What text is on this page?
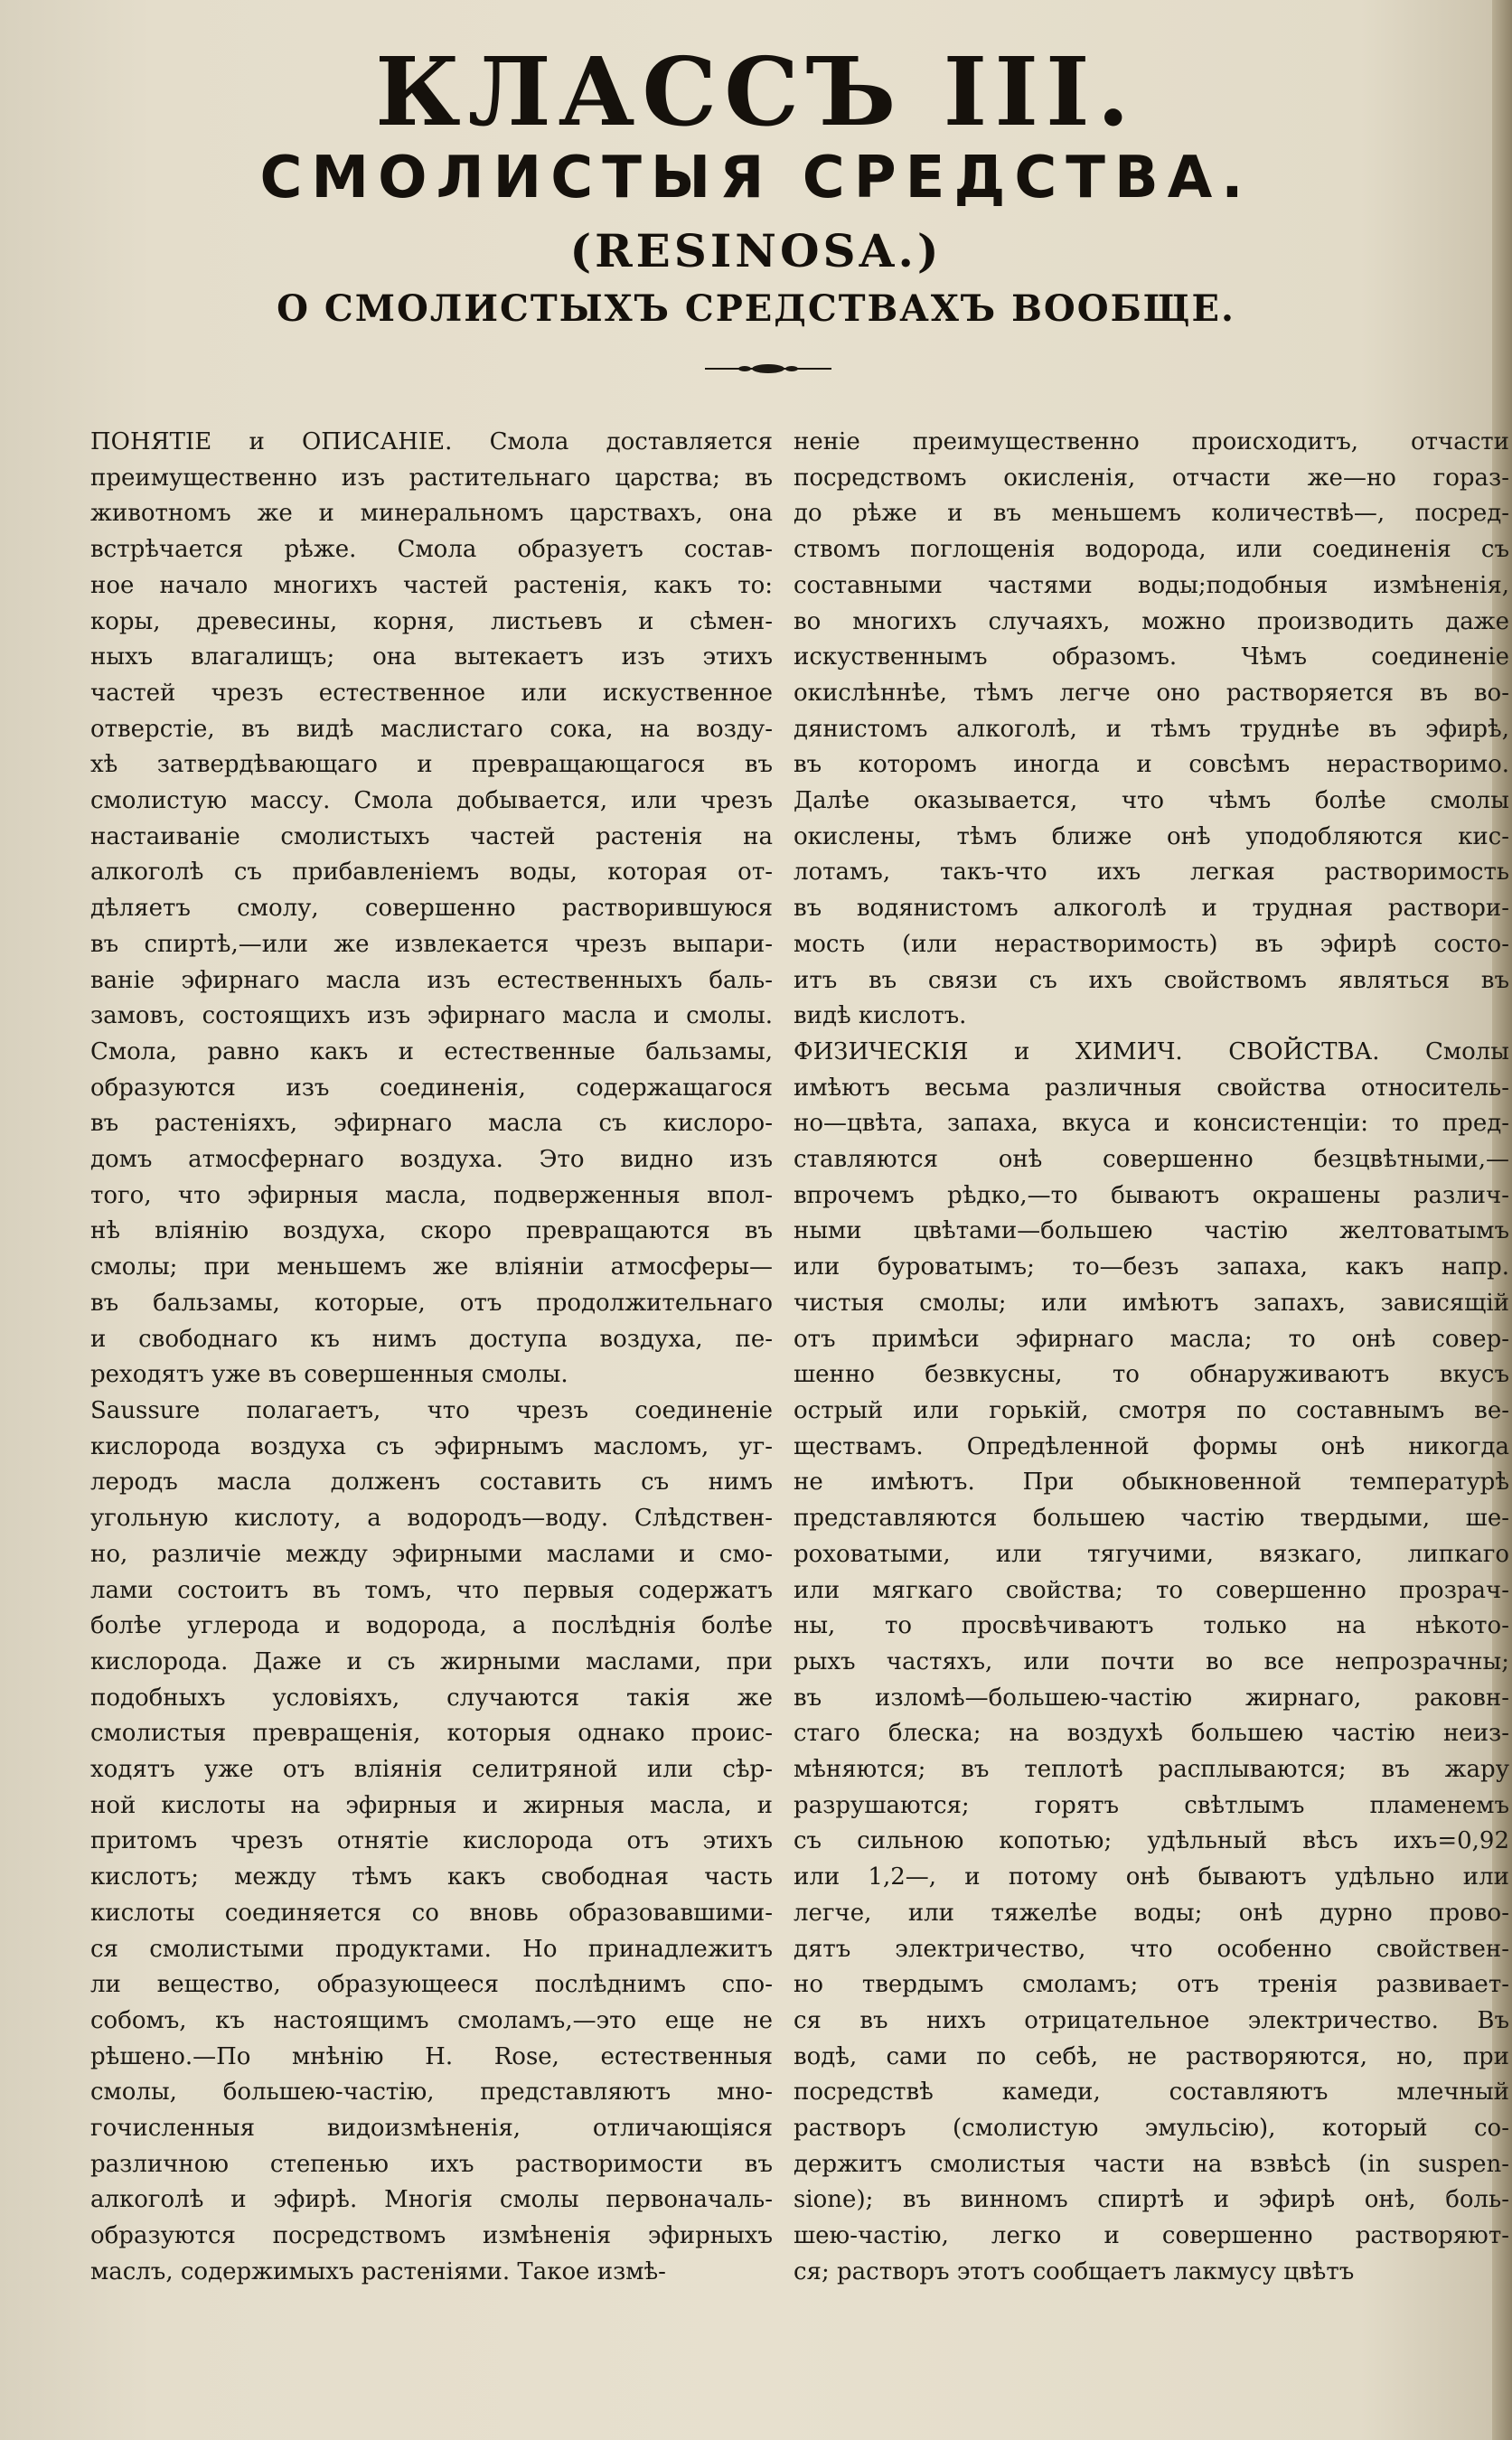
КЛАССЪ III.
СМОЛИСТЫЯ СРЕДСТВА.
(RESINOSA.)
О СМОЛИСТЫХЪ СРЕДСТВАХЪ ВООБЩЕ.
ПОНЯТІЕ и ОПИСАНІЕ. Смола доставляется
преимущественно изъ растительнаго царства; въ
животномъ же и минеральномъ царствахъ, она
встрѣчается рѣже. Смола образуетъ состав-
ное начало многихъ частей растенія, какъ то:
коры, древесины, корня, листьевъ и сѣмен-
ныхъ влагалищъ; она вытекаетъ изъ этихъ
частей чрезъ естественное или искуственное
отверстіе, въ видѣ маслистаго сока, на возду-
хѣ затвердѣвающаго и превращающагося въ
смолистую массу. Смола добывается, или чрезъ
настаиваніе смолистыхъ частей растенія на
алкоголѣ съ прибавленіемъ воды, которая от-
дѣляетъ смолу, совершенно растворившуюся
въ спиртѣ,—или же извлекается чрезъ выпари-
ваніе эфирнаго масла изъ естественныхъ баль-
замовъ, состоящихъ изъ эфирнаго масла и смолы.
Смола, равно какъ и естественные бальзамы,
образуются изъ соединенія, содержащагося
въ растеніяхъ, эфирнаго масла съ кислоро-
домъ атмосфернаго воздуха. Это видно изъ
того, что эфирныя масла, подверженныя впол-
нѣ вліянію воздуха, скоро превращаются въ
смолы; при меньшемъ же вліяніи атмосферы—
въ бальзамы, которые, отъ продолжительнаго
и свободнаго къ нимъ доступа воздуха, пе-
реходятъ уже въ совершенныя смолы.
Saussure полагаетъ, что чрезъ соединеніе
кислорода воздуха съ эфирнымъ масломъ, уг-
леродъ масла долженъ составить съ нимъ
угольную кислоту, а водородъ—воду. Слѣдствен-
но, различіе между эфирными маслами и смо-
лами состоитъ въ томъ, что первыя содержатъ
болѣе углерода и водорода, а послѣднія болѣе
кислорода. Даже и съ жирными маслами, при
подобныхъ условіяхъ, случаются такія же
смолистыя превращенія, которыя однако проис-
ходятъ уже отъ вліянія селитряной или сѣр-
ной кислоты на эфирныя и жирныя масла, и
притомъ чрезъ отнятіе кислорода отъ этихъ
кислотъ; между тѣмъ какъ свободная часть
кислоты соединяется со вновь образовавшими-
ся смолистыми продуктами. Но принадлежитъ
ли вещество, образующееся послѣднимъ спо-
собомъ, къ настоящимъ смоламъ,—это еще не
рѣшено.—По мнѣнію H. Rose, естественныя
смолы, большею-частію, представляютъ мно-
гочисленныя видоизмѣненія, отличающіяся
различною степенью ихъ растворимости въ
алкоголѣ и эфирѣ. Многія смолы первоначаль-
образуются посредствомъ измѣненія эфирныхъ
маслъ, содержимыхъ растеніями. Такое измѣ-
неніе преимущественно происходитъ, отчасти
посредствомъ окисленія, отчасти же—но гораз-
до рѣже и въ меньшемъ количествѣ—, посред-
ствомъ поглощенія водорода, или соединенія съ
составными частями воды;подобныя измѣненія,
во многихъ случаяхъ, можно производить даже
искуственнымъ образомъ. Чѣмъ соединеніе
окислѣннѣе, тѣмъ легче оно растворяется въ во-
дянистомъ алкоголѣ, и тѣмъ труднѣе въ эфирѣ,
въ которомъ иногда и совсѣмъ нерастворимо.
Далѣе оказывается, что чѣмъ болѣе смолы
окислены, тѣмъ ближе онѣ уподобляются кис-
лотамъ, такъ-что ихъ легкая растворимость
въ водянистомъ алкоголѣ и трудная раствори-
мость (или нерастворимость) въ эфирѣ состо-
итъ въ связи съ ихъ свойствомъ являться въ
видѣ кислотъ.
ФИЗИЧЕСКІЯ и ХИМИЧ. СВОЙСТВА. Смолы
имѣютъ весьма различныя свойства относитель-
но—цвѣта, запаха, вкуса и консистенціи: то пред-
ставляются онѣ совершенно безцвѣтными,—
впрочемъ рѣдко,—то бываютъ окрашены различ-
ными цвѣтами—большею частію желтоватымъ
или буроватымъ; то—безъ запаха, какъ напр.
чистыя смолы; или имѣютъ запахъ, зависящій
отъ примѣси эфирнаго масла; то онѣ совер-
шенно безвкусны, то обнаруживаютъ вкусъ
острый или горькій, смотря по составнымъ ве-
ществамъ. Опредѣленной формы онѣ никогда
не имѣютъ. При обыкновенной температурѣ
представляются большею частію твердыми, ше-
роховатыми, или тягучими, вязкаго, липкаго
или мягкаго свойства; то совершенно прозрач-
ны, то просвѣчиваютъ только на нѣкото-
рыхъ частяхъ, или почти во все непрозрачны;
въ изломѣ—большею-частію жирнаго, раковн-
стаго блеска; на воздухѣ большею частію неиз-
мѣняются; въ теплотѣ расплываются; въ жару
разрушаются; горятъ свѣтлымъ пламенемъ
съ сильною копотью; удѣльный вѣсъ ихъ=0,92
или 1,2—, и потому онѣ бываютъ удѣльно или
легче, или тяжелѣе воды; онѣ дурно прово-
дятъ электричество, что особенно свойствен-
но твердымъ смоламъ; отъ тренія развивает-
ся въ нихъ отрицательное электричество. Въ
водѣ, сами по себѣ, не растворяются, но, при
посредствѣ камеди, составляютъ млечный
растворъ (смолистую эмульсію), который со-
держитъ смолистыя части на взвѣсѣ (in suspen-
sione); въ винномъ спиртѣ и эфирѣ онѣ, боль-
шею-частію, легко и совершенно растворяют-
ся; растворъ этотъ сообщаетъ лакмусу цвѣтъ
